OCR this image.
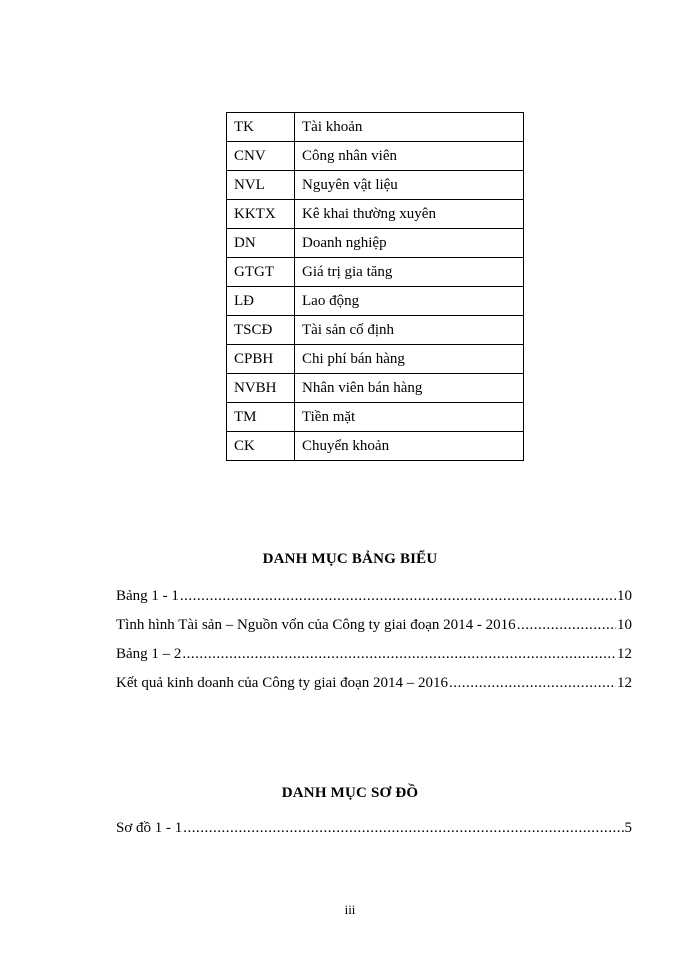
TK	Tài khoản
CNV	Công nhân viên
NVL	Nguyên vật liệu
KKTX	Kê khai thường xuyên
DN	Doanh nghiệp
GTGT	Giá trị gia tăng
LĐ	Lao động
TSCĐ	Tài sản cố định
CPBH	Chi phí bán hàng
NVBH	Nhân viên bán hàng
TM	Tiền mặt
CK	Chuyển khoản
DANH MỤC BẢNG BIỂU
Bảng 1 - 1 .....	10
Tình hình Tài sản – Nguồn vốn của Công ty giai đoạn 2014 - 2016 .....	10
Bảng 1 – 2 .....	12
Kết quả kinh doanh của Công ty giai đoạn 2014 – 2016 .....	12
DANH MỤC SƠ ĐỒ
Sơ đồ 1 - 1 .....	5
iii
